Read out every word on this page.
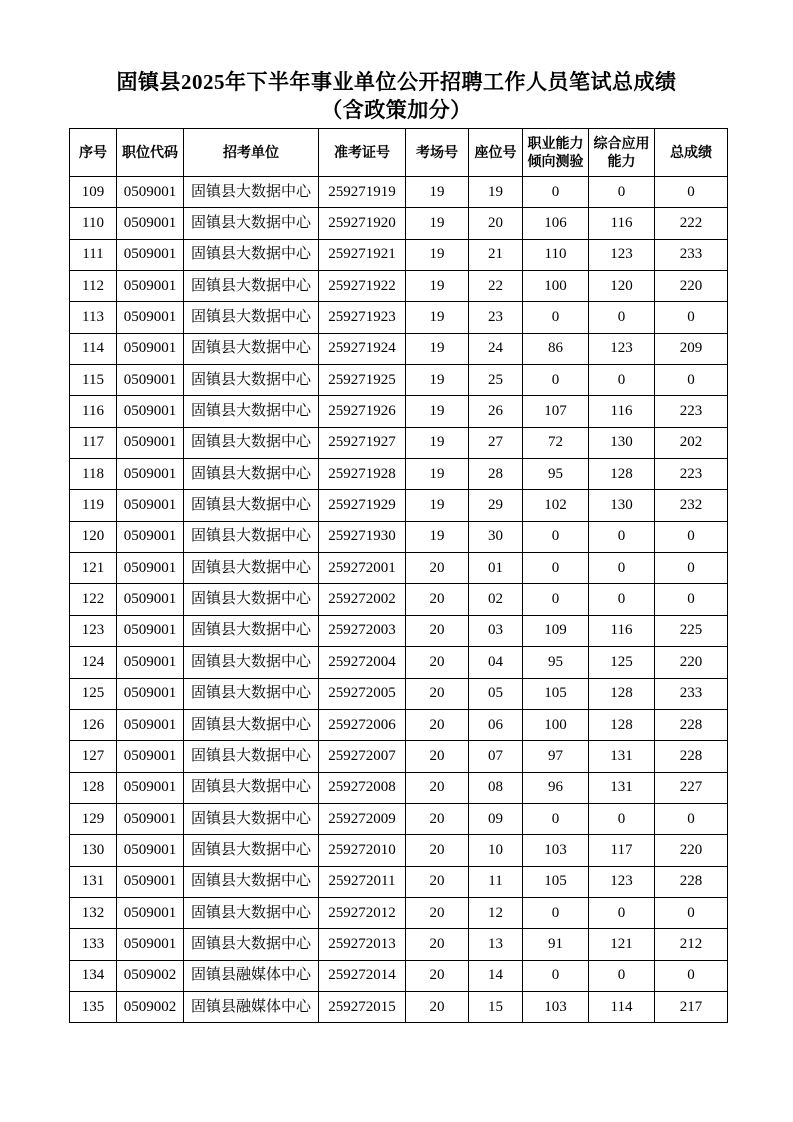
固镇县2025年下半年事业单位公开招聘工作人员笔试总成绩
（含政策加分）
序号	职位代码	招考单位	准考证号	考场号	座位号	职业能力倾向测验	综合应用能力	总成绩
109	0509001	固镇县大数据中心	259271919	19	19	0	0	0
110	0509001	固镇县大数据中心	259271920	19	20	106	116	222
111	0509001	固镇县大数据中心	259271921	19	21	110	123	233
112	0509001	固镇县大数据中心	259271922	19	22	100	120	220
113	0509001	固镇县大数据中心	259271923	19	23	0	0	0
114	0509001	固镇县大数据中心	259271924	19	24	86	123	209
115	0509001	固镇县大数据中心	259271925	19	25	0	0	0
116	0509001	固镇县大数据中心	259271926	19	26	107	116	223
117	0509001	固镇县大数据中心	259271927	19	27	72	130	202
118	0509001	固镇县大数据中心	259271928	19	28	95	128	223
119	0509001	固镇县大数据中心	259271929	19	29	102	130	232
120	0509001	固镇县大数据中心	259271930	19	30	0	0	0
121	0509001	固镇县大数据中心	259272001	20	01	0	0	0
122	0509001	固镇县大数据中心	259272002	20	02	0	0	0
123	0509001	固镇县大数据中心	259272003	20	03	109	116	225
124	0509001	固镇县大数据中心	259272004	20	04	95	125	220
125	0509001	固镇县大数据中心	259272005	20	05	105	128	233
126	0509001	固镇县大数据中心	259272006	20	06	100	128	228
127	0509001	固镇县大数据中心	259272007	20	07	97	131	228
128	0509001	固镇县大数据中心	259272008	20	08	96	131	227
129	0509001	固镇县大数据中心	259272009	20	09	0	0	0
130	0509001	固镇县大数据中心	259272010	20	10	103	117	220
131	0509001	固镇县大数据中心	259272011	20	11	105	123	228
132	0509001	固镇县大数据中心	259272012	20	12	0	0	0
133	0509001	固镇县大数据中心	259272013	20	13	91	121	212
134	0509002	固镇县融媒体中心	259272014	20	14	0	0	0
135	0509002	固镇县融媒体中心	259272015	20	15	103	114	217
